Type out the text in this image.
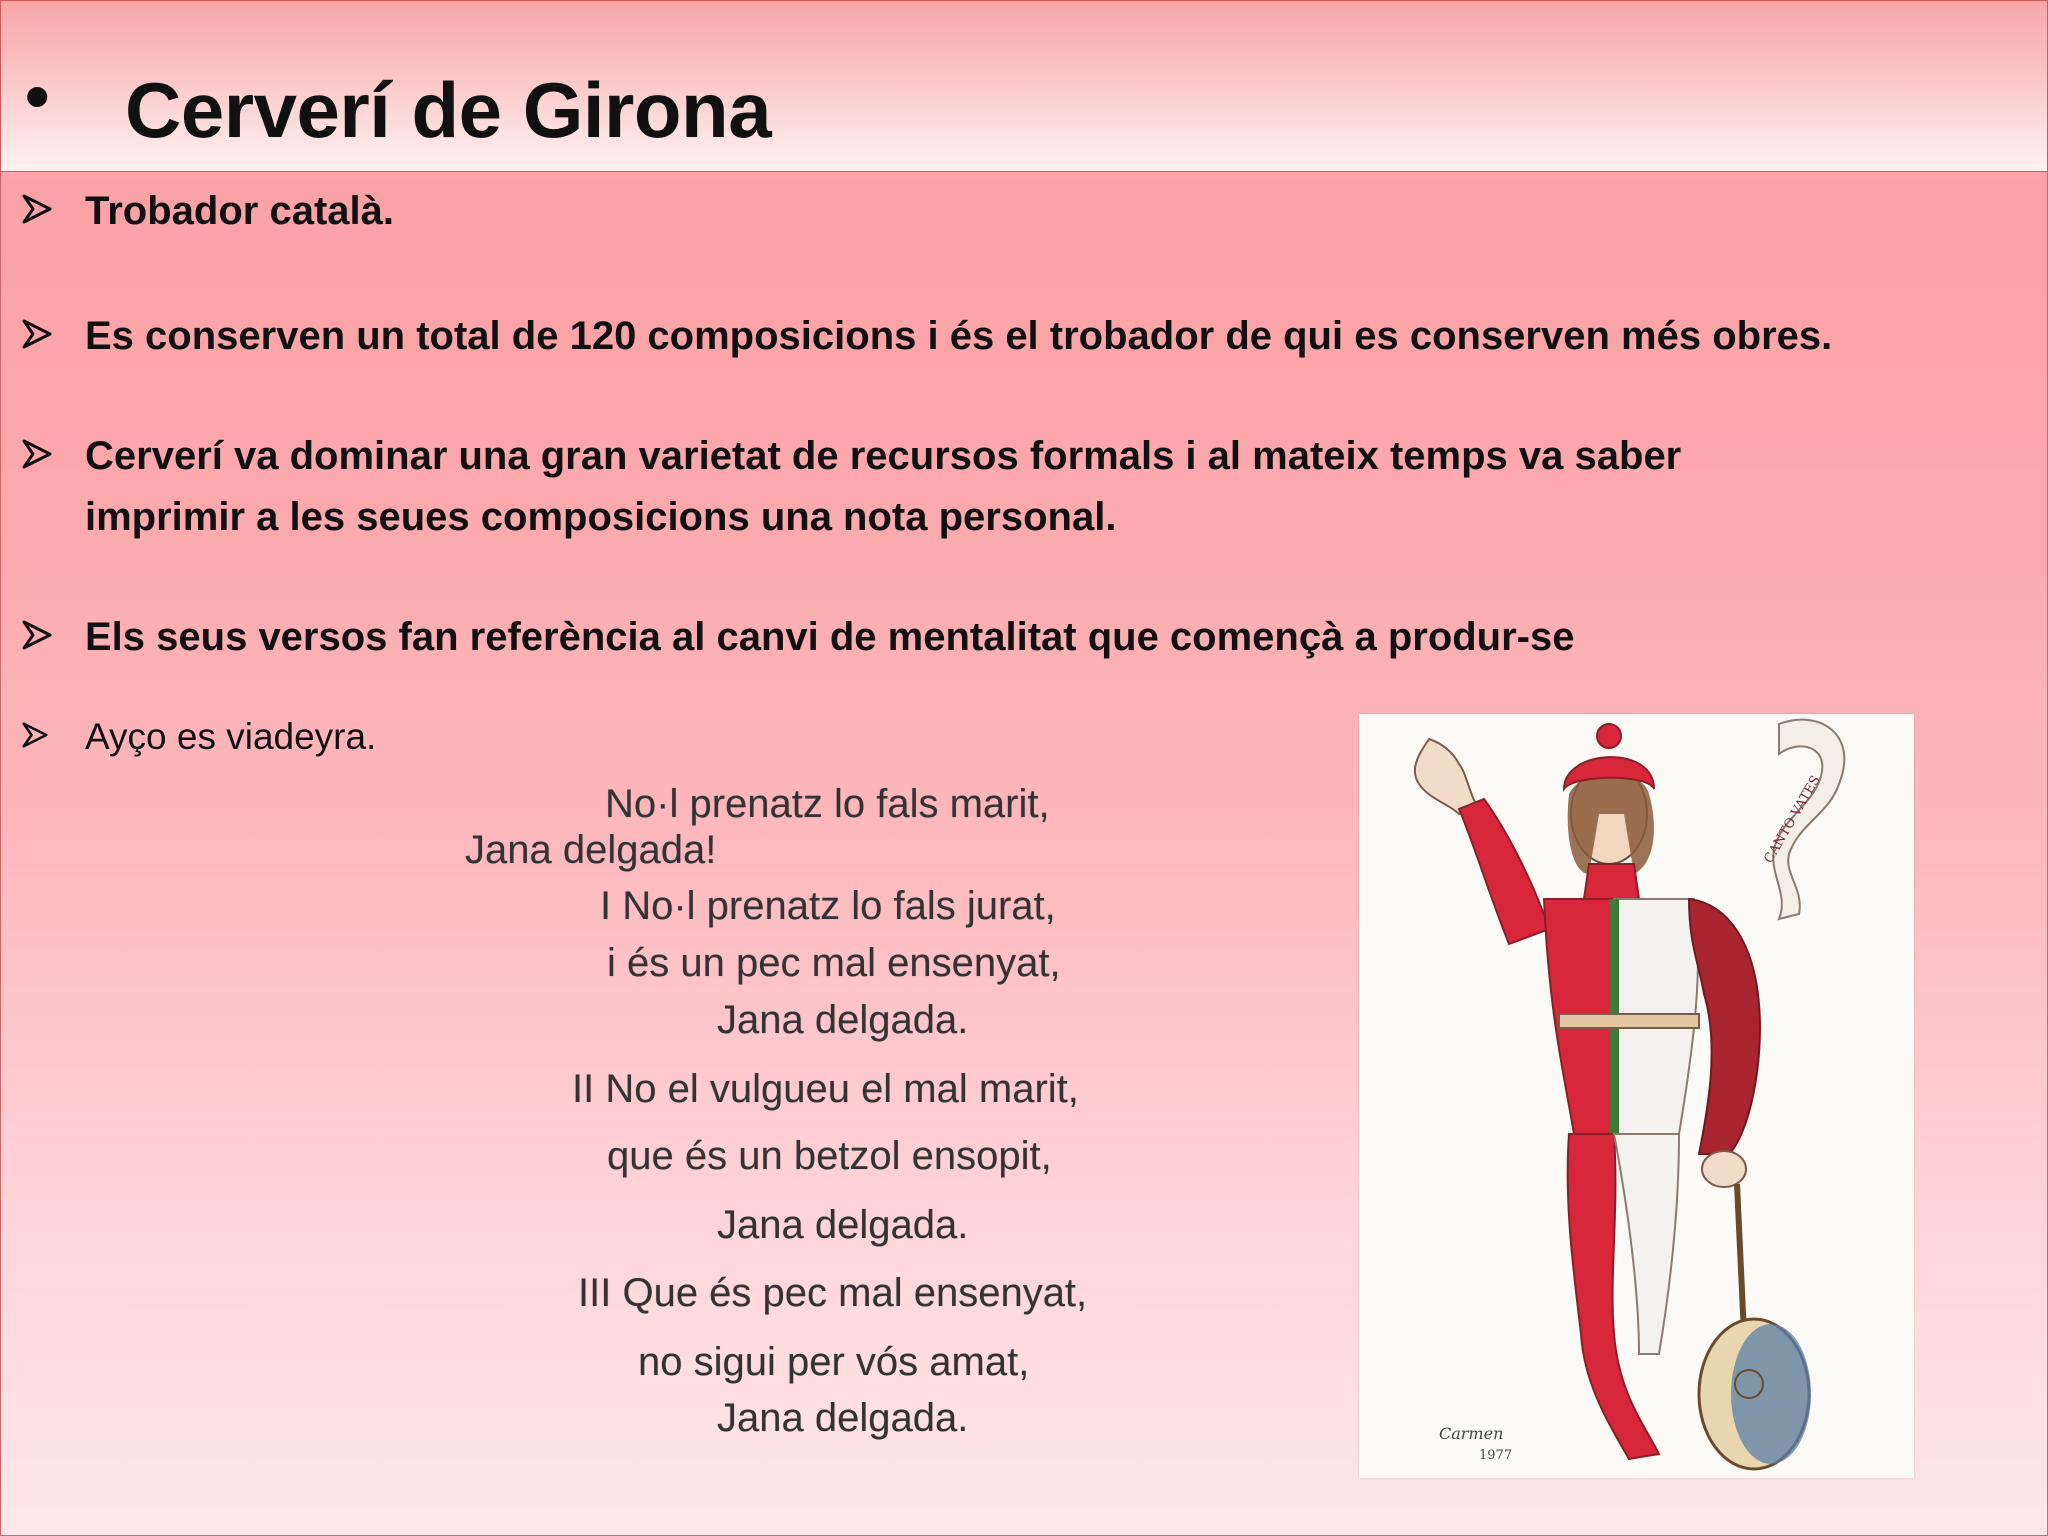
• Cerverí de Girona
Trobador català.
Es conserven un total de 120 composicions i és el trobador de qui es conserven més obres.
Cerverí va dominar una gran varietat de recursos formals i al mateix temps va saber
imprimir a les seues composicions una nota personal.
Els seus versos fan referència al canvi de mentalitat que començà a produr-se
Ayço es viadeyra.
No·l prenatz lo fals marit,
Jana delgada!
I No·l prenatz lo fals jurat,
i és un pec mal ensenyat,
Jana delgada.
II No el vulgueu el mal marit,
que és un betzol ensopit,
Jana delgada.
III Que és pec mal ensenyat,
no sigui per vós amat,
Jana delgada.
CANTO VATES
Carmen
1977
